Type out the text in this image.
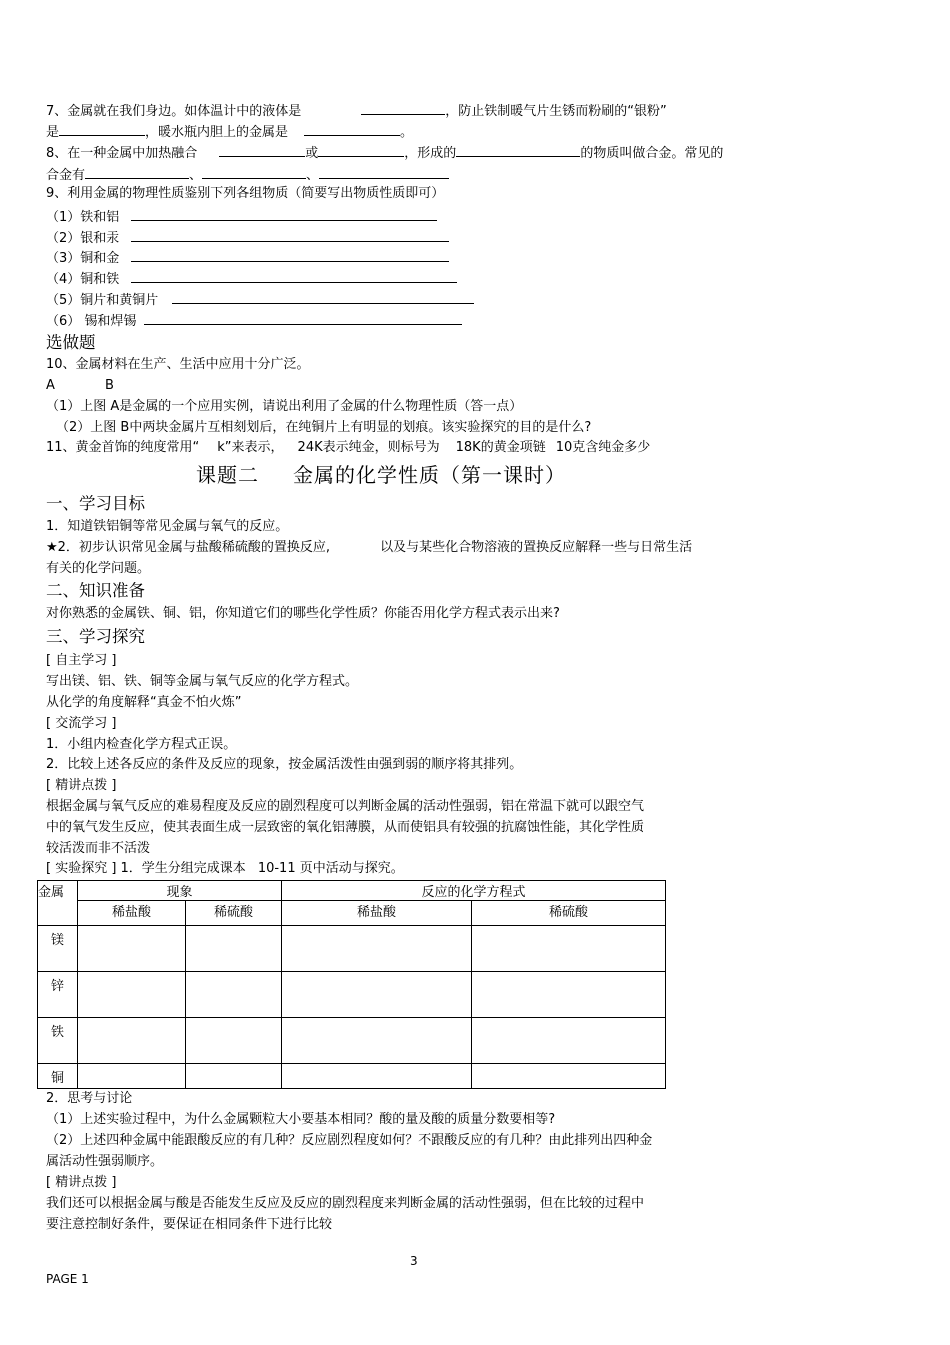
7、金属就在我们身边。如体温计中的液体是	，防止铁制暖气片生锈而粉刷的“银粉”
是	，暖水瓶内胆上的金属是	。
8、在一种金属中加热融合	或	，形成的	的物质叫做合金。常见的
合金有	、	、
9、利用金属的物理性质鉴别下列各组物质（简要写出物质性质即可）
（1）铁和铝
（2）银和汞
（3）铜和金
（4）铜和铁
（5）铜片和黄铜片
（6） 锡和焊锡
选做题
10、金属材料在生产、生活中应用十分广泛。
A	B
（1）上图 A是金属的一个应用实例，请说出利用了金属的什么物理性质（答一点）
（2）上图 B中两块金属片互相刻划后，在纯铜片上有明显的划痕。该实验探究的目的是什么?
11、黄金首饰的纯度常用“ k”来表示， 24K表示纯金，则标号为 18K的黄金项链 10克含纯金多少
课题二 金属的化学性质（第一课时）
一、学习目标
1．知道铁铝铜等常见金属与氧气的反应。
★2．初步认识常见金属与盐酸稀硫酸的置换反应,	以及与某些化合物溶液的置换反应解释一些与日常生活
有关的化学问题。
二、知识准备
对你熟悉的金属铁、铜、铝，你知道它们的哪些化学性质？你能否用化学方程式表示出来?
三、学习探究
[ 自主学习 ]
写出镁、铝、铁、铜等金属与氧气反应的化学方程式。
从化学的角度解释“真金不怕火炼”
[ 交流学习 ]
1．小组内检查化学方程式正误。
2．比较上述各反应的条件及反应的现象，按金属活泼性由强到弱的顺序将其排列。
[ 精讲点拨 ]
根据金属与氧气反应的难易程度及反应的剧烈程度可以判断金属的活动性强弱，铝在常温下就可以跟空气
中的氧气发生反应，使其表面生成一层致密的氧化铝薄膜，从而使铝具有较强的抗腐蚀性能，其化学性质
较活泼而非不活泼
[ 实验探究 ] 1．学生分组完成课本 10-11 页中活动与探究。
金属	现象		反应的化学方程式	
	稀盐酸	稀硫酸	稀盐酸	稀硫酸
镁				
锌				
铁				
铜				
2．思考与讨论
（1）上述实验过程中，为什么金属颗粒大小要基本相同？酸的量及酸的质量分数要相等?
（2）上述四种金属中能跟酸反应的有几种？反应剧烈程度如何？不跟酸反应的有几种？由此排列出四种金
属活动性强弱顺序。
[ 精讲点拨 ]
我们还可以根据金属与酸是否能发生反应及反应的剧烈程度来判断金属的活动性强弱，但在比较的过程中
要注意控制好条件，要保证在相同条件下进行比较
3
PAGE 1
